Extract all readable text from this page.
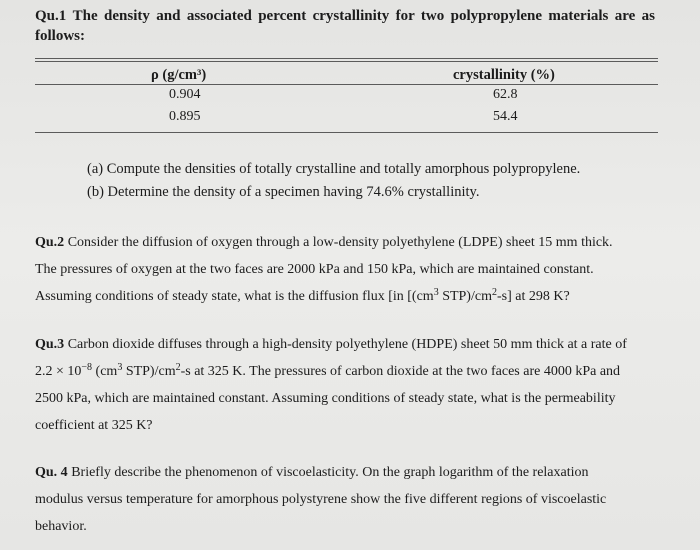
Qu.1 The density and associated percent crystallinity for two polypropylene materials are as follows:
ρ (g/cm³)	crystallinity (%)
0.904	62.8
0.895	54.4
(a) Compute the densities of totally crystalline and totally amorphous polypropylene.
(b) Determine the density of a specimen having 74.6% crystallinity.
Qu.2 Consider the diffusion of oxygen through a low-density polyethylene (LDPE) sheet 15 mm thick.
The pressures of oxygen at the two faces are 2000 kPa and 150 kPa, which are maintained constant.
Assuming conditions of steady state, what is the diffusion flux [in [($cm^3$ $STP)/cm^2-s$] at 298 K?
Qu.3 Carbon dioxide diffuses through a high-density polyethylene (HDPE) sheet 50 mm thick at a rate of
$2.2 \times 10^{-8}$ ($cm^3$ $STP)/cm^2-s$ at 325 K. The pressures of carbon dioxide at the two faces are 4000 kPa and
2500 kPa, which are maintained constant. Assuming conditions of steady state, what is the permeability
coefficient at 325 K?
Qu. 4 Briefly describe the phenomenon of viscoelasticity. On the graph logarithm of the relaxation
modulus versus temperature for amorphous polystyrene show the five different regions of viscoelastic
behavior.
